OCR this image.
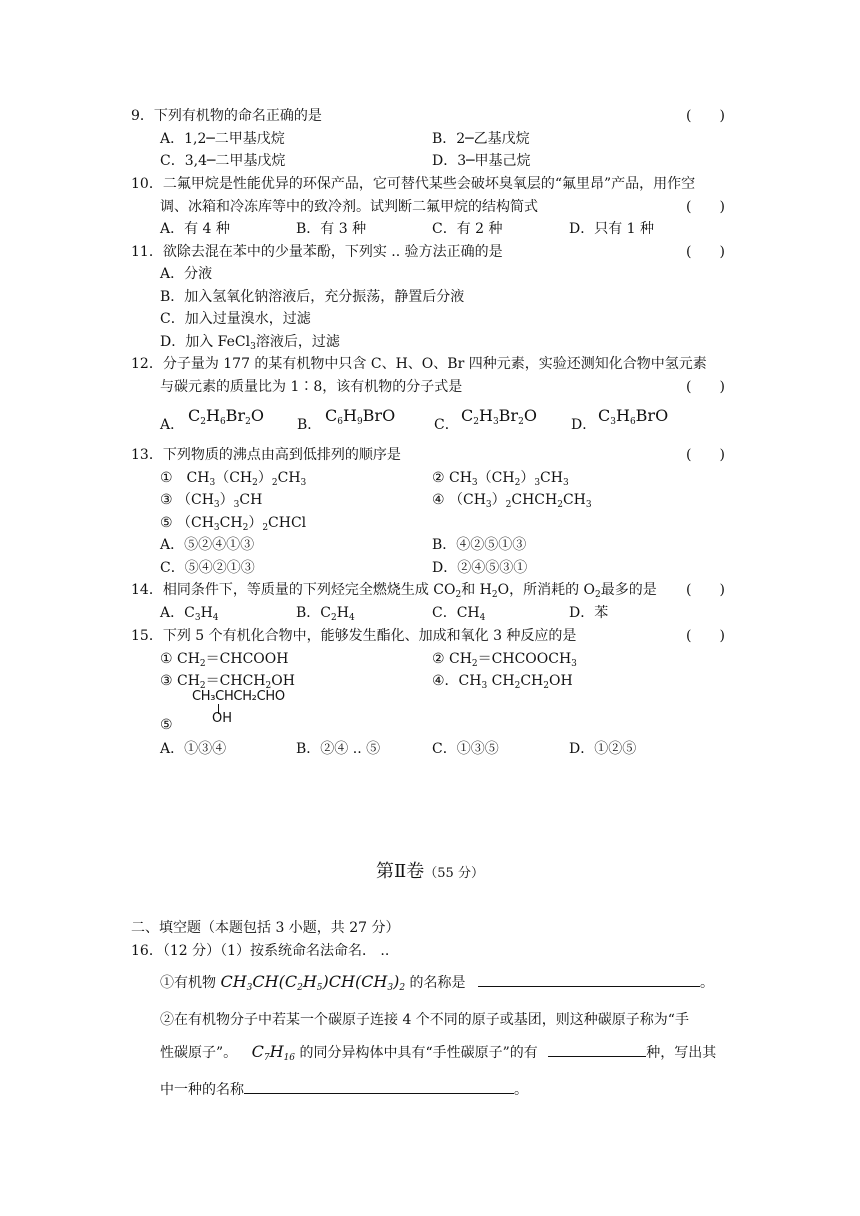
9．下列有机物的命名正确的是	(　　)
A．1,2─二甲基戊烷	B．2─乙基戊烷
C．3,4─二甲基戊烷	D．3─甲基己烷
10．二氟甲烷是性能优异的环保产品，它可替代某些会破坏臭氧层的“氟里昂”产品，用作空
调、冰箱和冷冻库等中的致冷剂。试判断二氟甲烷的结构简式	(　　)
A．有 4 种	B．有 3 种	C．有 2 种	D．只有 1 种
11．欲除去混在苯中的少量苯酚，下列实 .. 验方法正确的是	(　　)
A．分液
B．加入氢氧化钠溶液后，充分振荡，静置后分液
C．加入过量溴水，过滤
D．加入 FeCl$_3$溶液后，过滤
12．分子量为 177 的某有机物中只含 C、H、O、Br 四种元素，实验还测知化合物中氢元素
与碳元素的质量比为 1∶8，该有机物的分子式是	(　　)
A． $C_2H_6Br_2O$ B． $C_6H_9BrO$	C． $C_2H_3Br_2O$ D． $C_3H_6BrO$
13．下列物质的沸点由高到低排列的顺序是	(　　)
①　$CH_3(CH_2)_2CH_3$	② $CH_3(CH_2)_3CH_3$
③ $(CH_3)_3CH$	④ $(CH_3)_2CHCH_2CH_3$
⑤ $(CH_3CH_2)_2CHCl$
A．⑤②④①③	B．④②⑤①③
C．⑤④②①③	D．②④⑤③①
14．相同条件下，等质量的下列烃完全燃烧生成 $CO_2$和 $H_2O$，所消耗的 $O_2$最多的是 (　　)
A．$C_3H_4$	B．$C_2H_4$	C．$CH_4$	D．苯
15．下列 5 个有机化合物中，能够发生酯化、加成和氧化 3 种反应的是	(　　)
① $CH_2=CHCOOH$	② $CH_2=CHCOOCH_3$
③ $CH_2=CHCH_2OH$	④．$CH_3$ $CH_2CH_2OH$
CH₃CHCH₂CHO
OH
⑤
A．①③④	B．②④ .. ⑤	C．①③⑤	D．①②⑤
第Ⅱ卷（55 分）
二、填空题（本题包括 3 小题，共 27 分）
16．（12 分）（1）按系统命名法命名． ..
①有机物 $CH_3CH(C_2H_5)CH(CH_3)_2$ 的名称是	。
②在有机物分子中若某一个碳原子连接 4 个不同的原子或基团，则这种碳原子称为“手
性碳原子”。 $C_7H_{16}$ 的同分异构体中具有“手性碳原子”的有	种，写出其
中一种的名称	。
